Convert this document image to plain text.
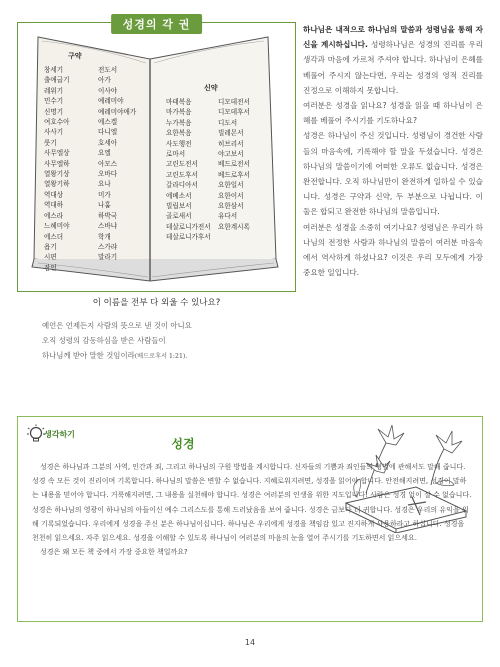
성경의 각 권
구약
창세기
출애굽기
레위기
민수기
신명기
여호수아
사사기
룻기
사무엘상
사무엘하
열왕기상
열왕기하
역대상
역대하
에스라
느헤미야
에스더
욥기
시편
잠언
전도서
아가
이사야
예레미야
예레미야애가
에스겔
다니엘
호세아
요엘
아모스
오바다
요나
미가
나훔
하박국
스바냐
학개
스가랴
말라기
신약
마태복음
마가복음
누가복음
요한복음
사도행전
로마서
고린도전서
고린도후서
갈라디아서
에베소서
빌립보서
골로새서
데살로니가전서
데살로니가후서
디모데전서
디모데후서
디도서
빌레몬서
히브리서
야고보서
베드로전서
베드로후서
요한일서
요한이서
요한삼서
유다서
요한계시록
이 이름을 전부 다 외울 수 있나요?
예언은 언제든지 사람의 뜻으로 낸 것이 아니요
오직 성령의 감동하심을 받은 사람들이
하나님께 받아 말한 것임이라(베드로후서 1:21).

하나님은 내적으로 하나님의 말씀과 성령님을 통해 자신을 계시하십니다. 성령하나님은 성경의 진리를 우리 생각과 마음에 가르쳐 주셔야 합니다. 하나님이 은혜를 베풀어 주시지 않는다면, 우리는 성경의 영적 진리를 진정으로 이해하지 못합니다.

여러분은 성경을 읽나요? 성경을 읽을 때 하나님이 은혜를 베풀어 주시기를 기도하나요?

성경은 하나님이 주신 것입니다. 성령님이 경건한 사람들의 마음속에, 기록해야 할 말을 두셨습니다. 성경은 하나님의 말씀이기에 어떠한 오류도 없습니다. 성경은 완전합니다. 오직 하나님만이 완전하게 일하실 수 있습니다. 성경은 구약과 신약, 두 부분으로 나뉩니다. 이 둘은 합되고 완전한 하나님의 말씀입니다.

여러분은 성경을 소중히 여기나요? 성령님은 우리가 하나님의 전정한 사람과 하나님의 말씀이 여러분 마음속에서 역사하게 하셨나요? 이것은 우리 모두에게 가장 중요한 일입니다.

생각하기
성경

성경은 하나님과 그분의 사역, 인간과 죄, 그리고 하나님의 구원 방법을 계시합니다. 신자들의 기쁨과 죄인들의 형벌에 관해서도 말해 줍니다. 성경 속 모든 것이 진리이며 기록합니다. 하나님의 말씀은 변할 수 없습니다. 지혜로워지려면, 성경을 읽어야 합니다. 안전해지려면, 성경이 말하는 내용을 믿어야 합니다. 거룩해지려면, 그 내용을 실천해야 합니다. 성경은 여러분의 인생을 위한 지도입니다! 사람은 성경 없이 살 수 없습니다. 성경은 하나님의 영광이 하나님의 아들이신 예수 그리스도를 통해 드러났음을 보여 줍니다. 성경은 금보다 더 귀합니다. 성경은 우리의 유익을 위해 기록되었습니다. 우리에게 성경을 주신 분은 하나님이십니다. 하나님은 우리에게 성경을 책임감 있고 진지하게 사용하라고 하십니다. 성경을 천천히 읽으세요. 자주 읽으세요. 성경을 이해할 수 있도록 하나님이 여러분의 마음의 눈을 열어 주시기를 기도하면서 읽으세요.

성경은 왜 모든 책 중에서 가장 중요한 책일까요?

14
